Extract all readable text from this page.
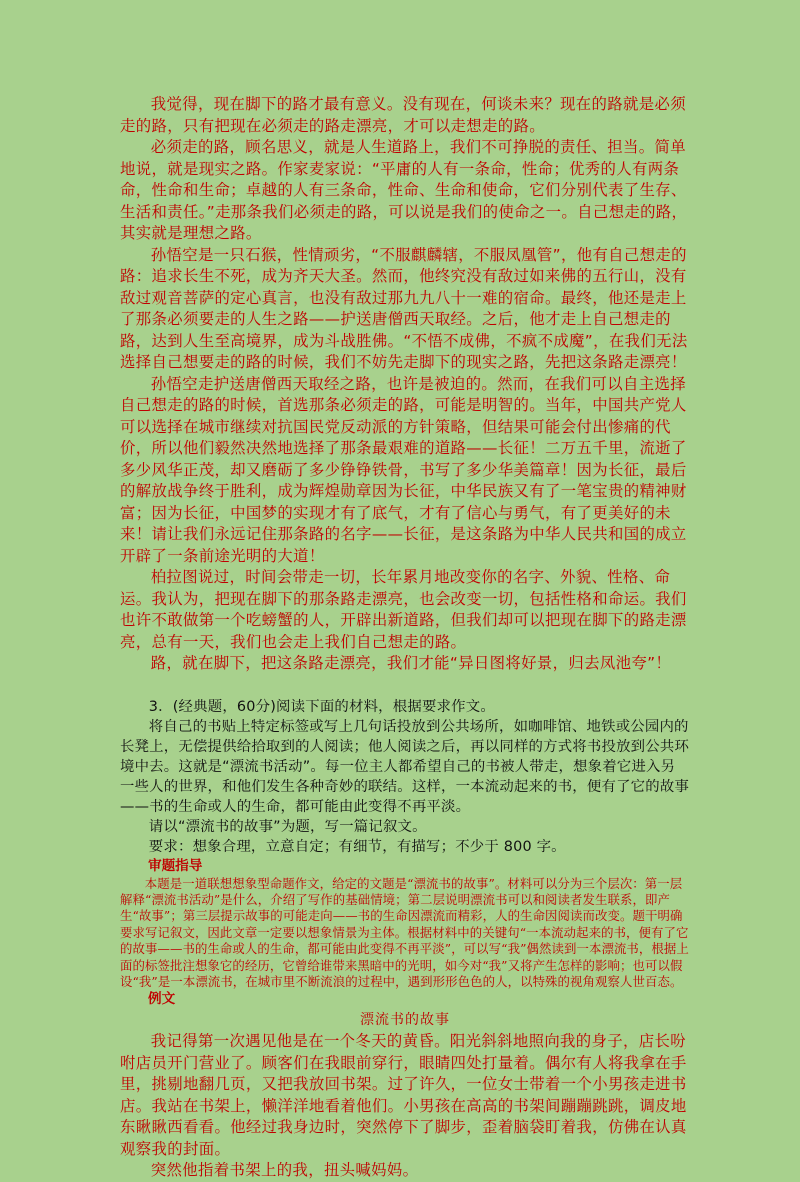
我觉得，现在脚下的路才最有意义。没有现在，何谈未来？现在的路就是必须走的路，只有把现在必须走的路走漂亮，才可以走想走的路。

必须走的路，顾名思义，就是人生道路上，我们不可挣脱的责任、担当。简单地说，就是现实之路。作家麦家说：“平庸的人有一条命，性命；优秀的人有两条命，性命和生命；卓越的人有三条命，性命、生命和使命，它们分别代表了生存、生活和责任。”走那条我们必须走的路，可以说是我们的使命之一。自己想走的路，其实就是理想之路。

孙悟空是一只石猴，性情顽劣，“不服麒麟辖，不服凤凰管”，他有自己想走的路：追求长生不死，成为齐天大圣。然而，他终究没有敌过如来佛的五行山，没有敌过观音菩萨的定心真言，也没有敌过那九九八十一难的宿命。最终，他还是走上了那条必须要走的人生之路——护送唐僧西天取经。之后，他才走上自己想走的路，达到人生至高境界，成为斗战胜佛。“不悟不成佛，不疯不成魔”，在我们无法选择自己想要走的路的时候，我们不妨先走脚下的现实之路，先把这条路走漂亮！

孙悟空走护送唐僧西天取经之路，也许是被迫的。然而，在我们可以自主选择自己想走的路的时候，首选那条必须走的路，可能是明智的。当年，中国共产党人可以选择在城市继续对抗国民党反动派的方针策略，但结果可能会付出惨痛的代价，所以他们毅然决然地选择了那条最艰难的道路——长征！二万五千里，流逝了多少风华正茂，却又磨砺了多少铮铮铁骨，书写了多少华美篇章！因为长征，最后的解放战争终于胜利，成为辉煌勋章因为长征，中华民族又有了一笔宝贵的精神财富；因为长征，中国梦的实现才有了底气，才有了信心与勇气，有了更美好的未来！请让我们永远记住那条路的名字——长征，是这条路为中华人民共和国的成立开辟了一条前途光明的大道！

柏拉图说过，时间会带走一切，长年累月地改变你的名字、外貌、性格、命运。我认为，把现在脚下的那条路走漂亮，也会改变一切，包括性格和命运。我们也许不敢做第一个吃螃蟹的人，开辟出新道路，但我们却可以把现在脚下的路走漂亮，总有一天，我们也会走上我们自己想走的路。

路，就在脚下，把这条路走漂亮，我们才能“异日图将好景，归去凤池夸”！

3．(经典题，60分)阅读下面的材料，根据要求作文。

将自己的书贴上特定标签或写上几句话投放到公共场所，如咖啡馆、地铁或公园内的

长凳上，无偿提供给拾取到的人阅读；他人阅读之后，再以同样的方式将书投放到公共环

境中去。这就是“漂流书活动”。每一位主人都希望自己的书被人带走，想象着它进入另

一些人的世界，和他们发生各种奇妙的联结。这样，一本流动起来的书，便有了它的故事

——书的生命或人的生命，都可能由此变得不再平淡。

请以“漂流书的故事”为题，写一篇记叙文。

要求：想象合理，立意自定；有细节，有描写；不少于 800 字。

审题指导

本题是一道联想想象型命题作文，给定的文题是“漂流书的故事”。材料可以分为三个层次：第一层解释“漂流书活动”是什么，介绍了写作的基础情境；第二层说明漂流书可以和阅读者发生联系，即产生“故事”；第三层提示故事的可能走向——书的生命因漂流而精彩，人的生命因阅读而改变。题干明确要求写记叙文，因此文章一定要以想象情景为主体。根据材料中的关键句“一本流动起来的书，便有了它的故事——书的生命或人的生命，都可能由此变得不再平淡”，可以写“我”偶然读到一本漂流书，根据上面的标签批注想象它的经历，它曾给谁带来黑暗中的光明，如今对“我”又将产生怎样的影响；也可以假设“我”是一本漂流书，在城市里不断流浪的过程中，遇到形形色色的人，以特殊的视角观察人世百态。

例文

漂流书的故事

我记得第一次遇见他是在一个冬天的黄昏。阳光斜斜地照向我的身子，店长吩咐店员开门营业了。顾客们在我眼前穿行，眼睛四处打量着。偶尔有人将我拿在手里，挑剔地翻几页，又把我放回书架。过了许久，一位女士带着一个小男孩走进书店。我站在书架上，懒洋洋地看着他们。小男孩在高高的书架间蹦蹦跳跳，调皮地东瞅瞅西看看。他经过我身边时，突然停下了脚步，歪着脑袋盯着我，仿佛在认真观察我的封面。

突然他指着书架上的我，扭头喊妈妈。
